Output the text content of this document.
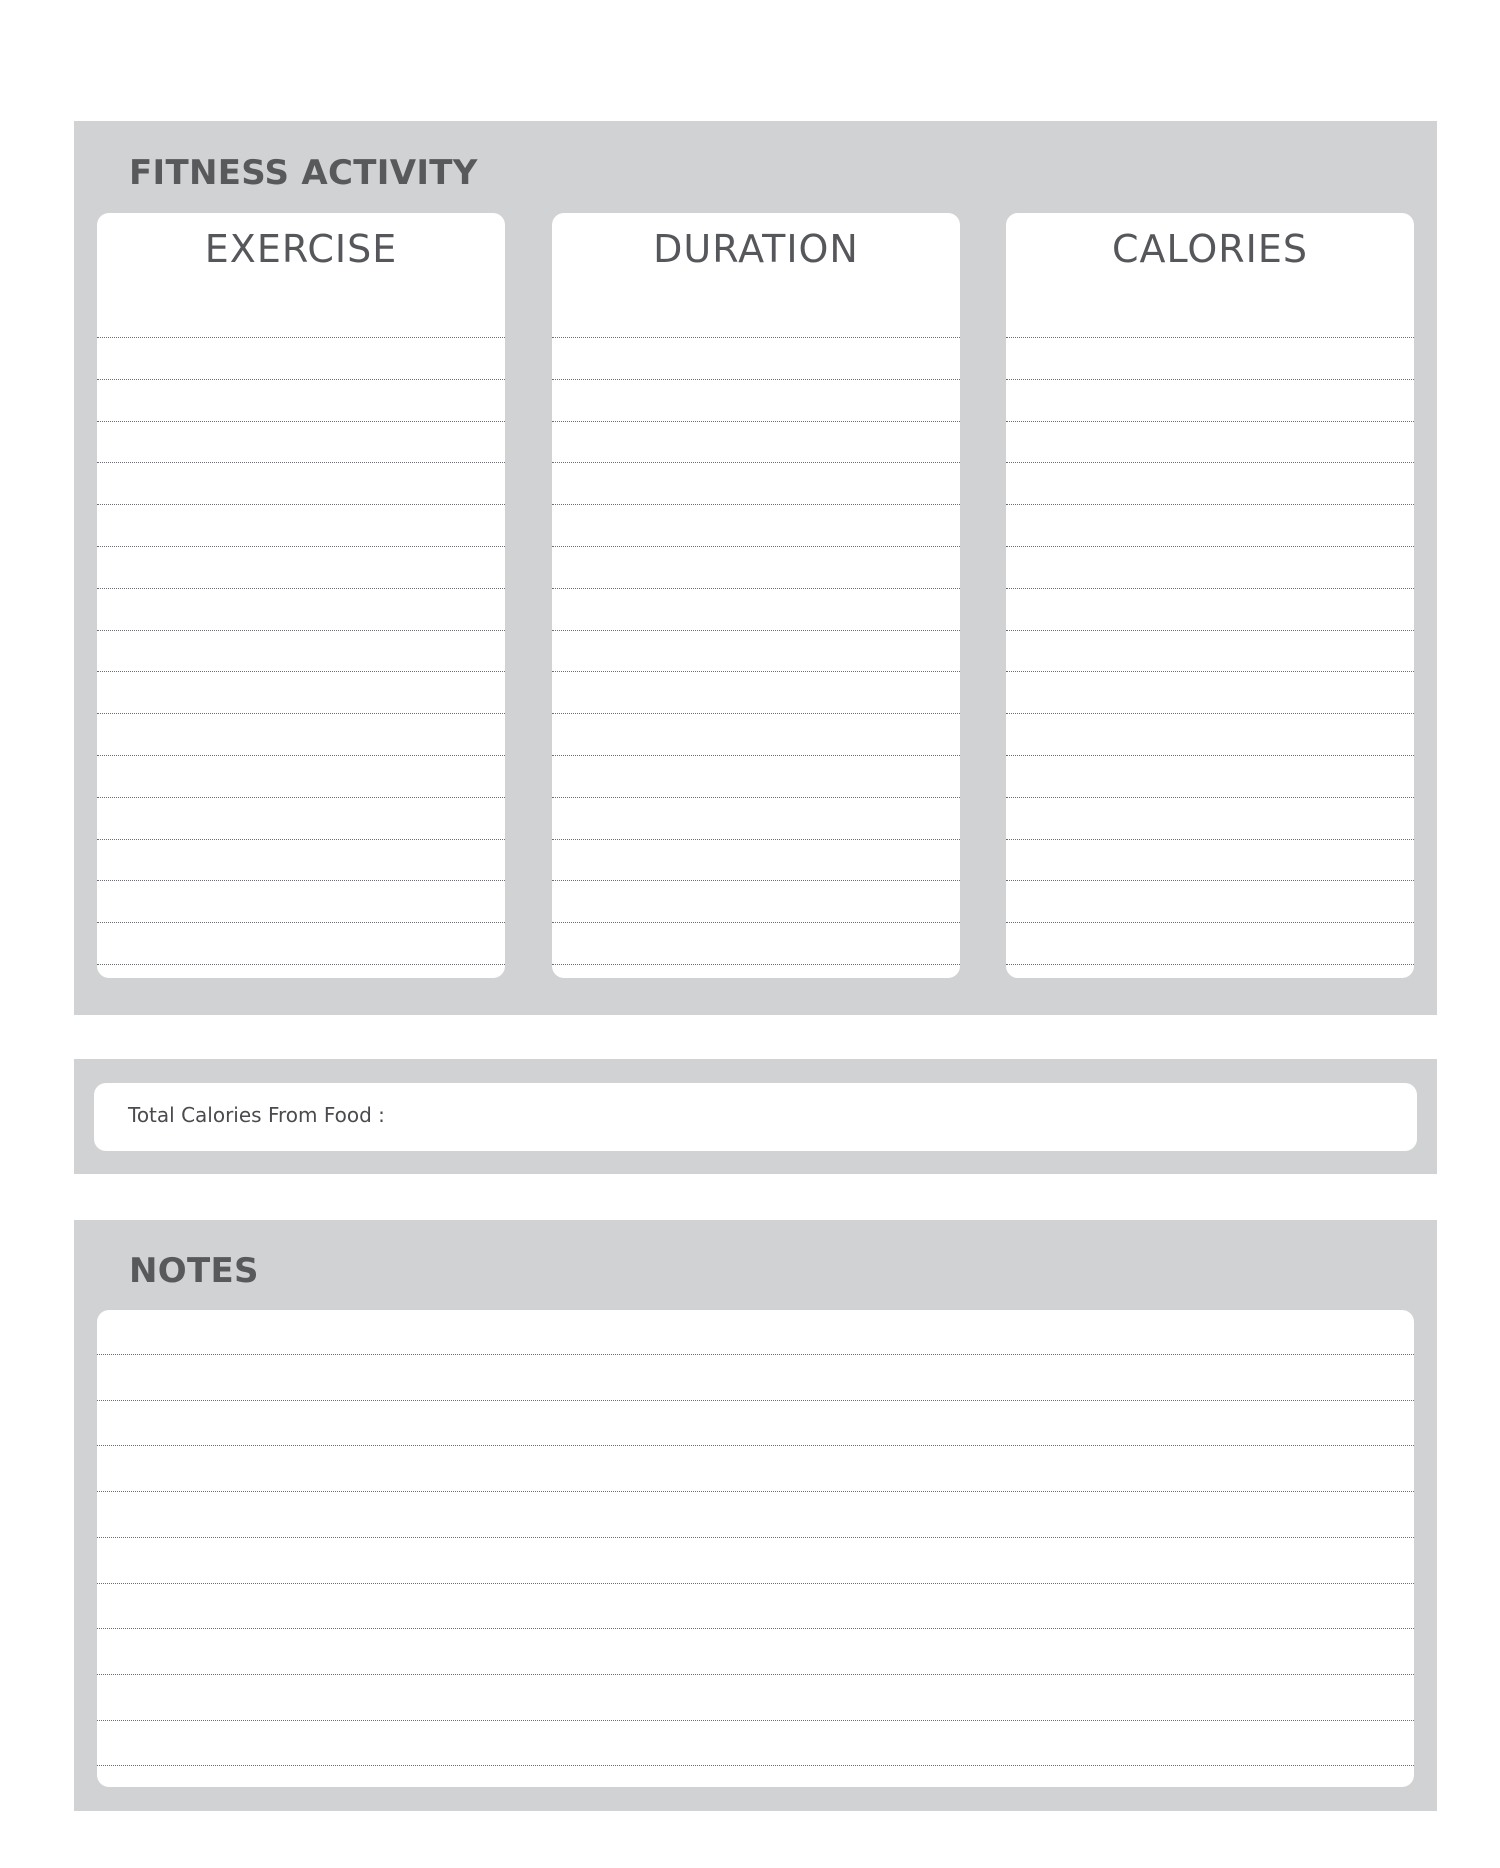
FITNESS ACTIVITY
EXERCISE	DURATION	CALORIES
Total Calories From Food :
NOTES
